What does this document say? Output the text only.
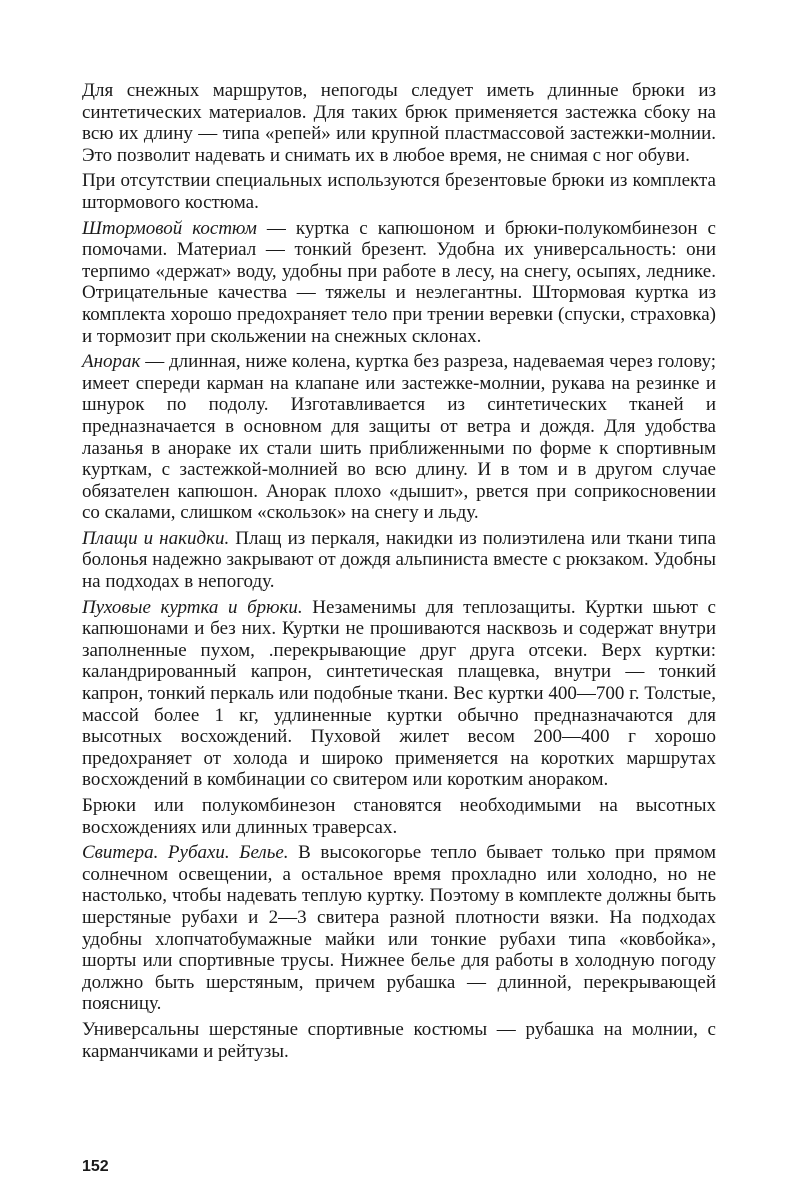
Для снежных маршрутов, непогоды следует иметь длинные брюки из синтетических материалов. Для таких брюк применяется застежка сбоку на всю их длину — типа «репей» или крупной пластмассовой застежки-молнии. Это позволит надевать и снимать их в любое время, не снимая с ног обуви.

При отсутствии специальных используются брезентовые брюки из комплекта штормового костюма.

Штормовой костюм — куртка с капюшоном и брюки-полукомбинезон с помочами. Материал — тонкий брезент. Удобна их универсальность: они терпимо «держат» воду, удобны при работе в лесу, на снегу, осыпях, леднике. Отрицательные качества — тяжелы и неэлегантны. Штормовая куртка из комплекта хорошо предохраняет тело при трении веревки (спуски, страховка) и тормозит при скольжении на снежных склонах.

Анорак — длинная, ниже колена, куртка без разреза, надеваемая через голову; имеет спереди карман на клапане или застежке-молнии, рукава на резинке и шнурок по подолу. Изготавливается из синтетических тканей и предназначается в основном для защиты от ветра и дождя. Для удобства лазанья в анораке их стали шить приближенными по форме к спортивным курткам, с застежкой-молнией во всю длину. И в том и в другом случае обязателен капюшон. Анорак плохо «дышит», рвется при соприкосновении со скалами, слишком «скользок» на снегу и льду.

Плащи и накидки. Плащ из перкаля, накидки из полиэтилена или ткани типа болонья надежно закрывают от дождя альпиниста вместе с рюкзаком. Удобны на подходах в непогоду.

Пуховые куртка и брюки. Незаменимы для теплозащиты. Куртки шьют с капюшонами и без них. Куртки не прошиваются насквозь и содержат внутри заполненные пухом, .перекрывающие друг друга отсеки. Верх куртки: каландрированный капрон, синтетическая плащевка, внутри — тонкий капрон, тонкий перкаль или подобные ткани. Вес куртки 400—700 г. Толстые, массой более 1 кг, удлиненные куртки обычно предназначаются для высотных восхождений. Пуховой жилет весом 200—400 г хорошо предохраняет от холода и широко применяется на коротких маршрутах восхождений в комбинации со свитером или коротким анораком.

Брюки или полукомбинезон становятся необходимыми на высотных восхождениях или длинных траверсах.

Свитера. Рубахи. Белье. В высокогорье тепло бывает только при прямом солнечном освещении, а остальное время прохладно или холодно, но не настолько, чтобы надевать теплую куртку. Поэтому в комплекте должны быть шерстяные рубахи и 2—3 свитера разной плотности вязки. На подходах удобны хлопчатобумажные майки или тонкие рубахи типа «ковбойка», шорты или спортивные трусы. Нижнее белье для работы в холодную погоду должно быть шерстяным, причем рубашка — длинной, перекрывающей поясницу.

Универсальны шерстяные спортивные костюмы — рубашка на молнии, с карманчиками и рейтузы.

152
